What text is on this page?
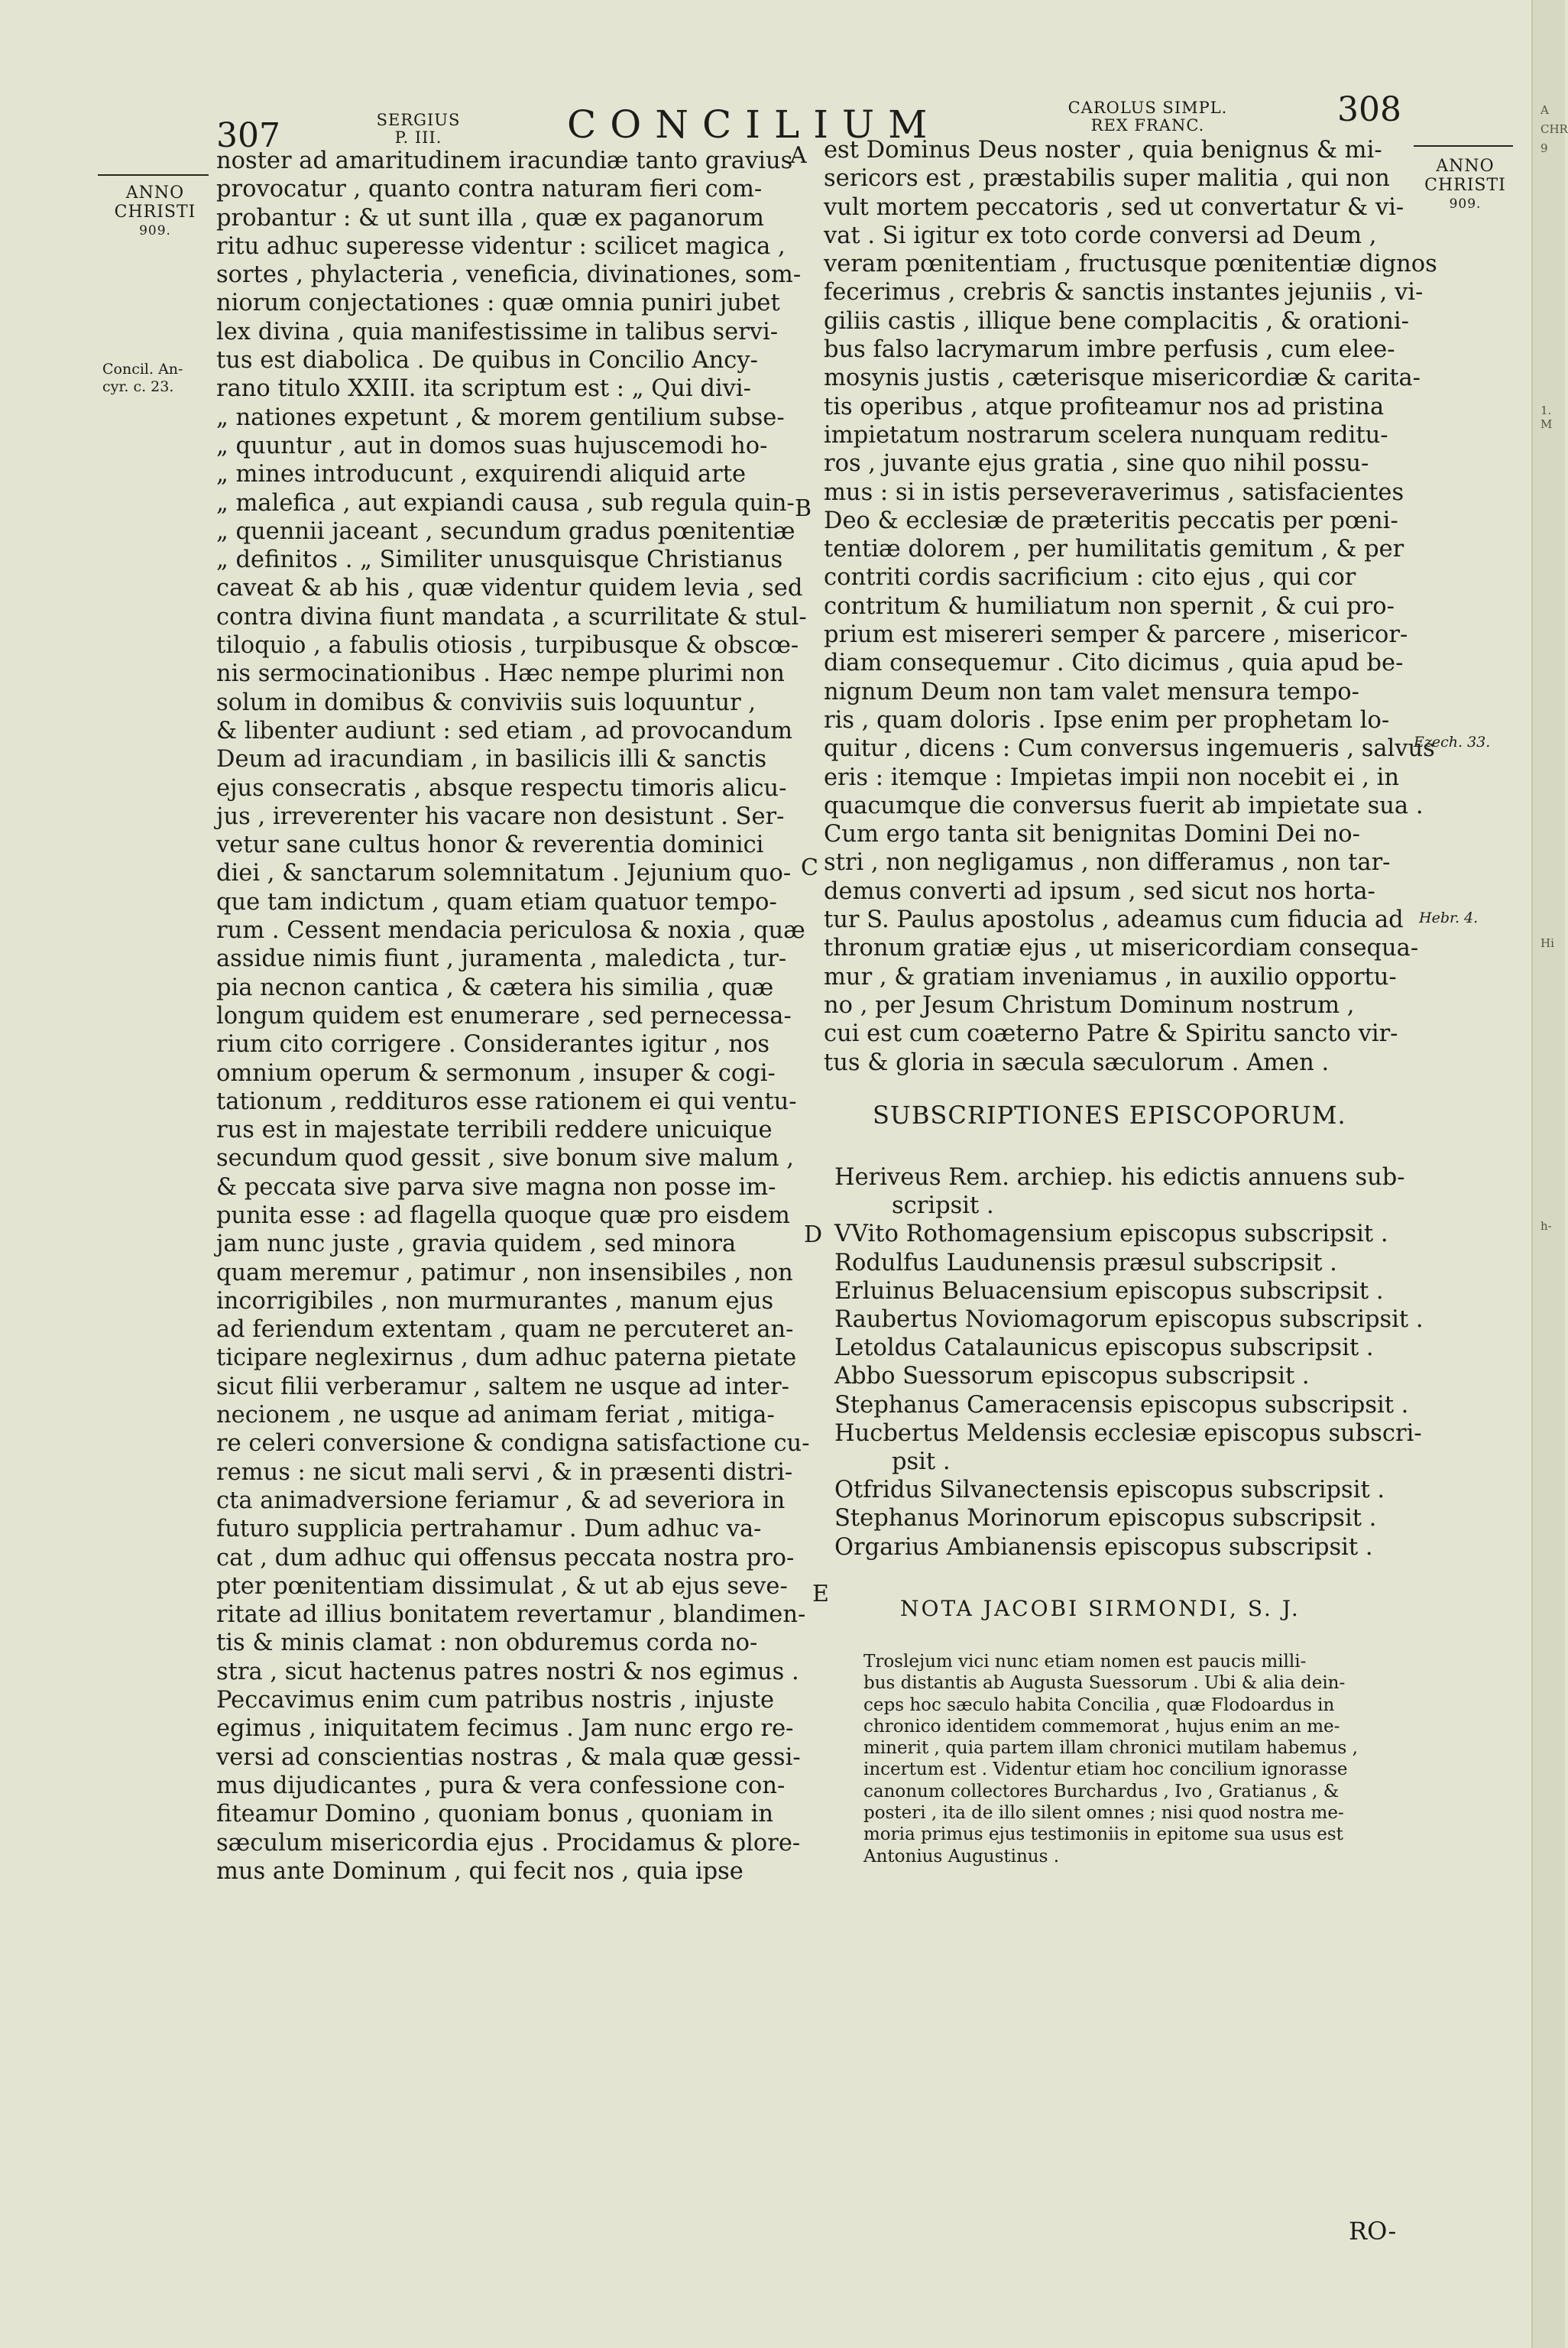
A
CHR
9
1. M
Hi
h-
307	SERGIUS
P. III.	CONCILIUM	CAROLUS SIMPL.
REX FRANC.	308
ANNO
CHRISTI
909.
Concil. An-
cyr. c. 23.
ANNO
CHRISTI
909.
Ezech. 33.
Hebr. 4.
A
B
C
D
E
noster ad amaritudinem iracundiæ tanto gravius
provocatur , quanto contra naturam fieri com-
probantur : & ut sunt illa , quæ ex paganorum
ritu adhuc superesse videntur : scilicet magica ,
sortes , phylacteria , veneficia, divinationes, som-
niorum conjectationes : quæ omnia puniri jubet
lex divina , quia manifestissime in talibus servi-
tus est diabolica . De quibus in Concilio Ancy-
rano titulo XXIII. ita scriptum est : „ Qui divi-
„ nationes expetunt , & morem gentilium subse-
„ quuntur , aut in domos suas hujuscemodi ho-
„ mines introducunt , exquirendi aliquid arte
„ malefica , aut expiandi causa , sub regula quin-
„ quennii jaceant , secundum gradus pœnitentiæ
„ definitos . „ Similiter unusquisque Christianus
caveat & ab his , quæ videntur quidem levia , sed
contra divina fiunt mandata , a scurrilitate & stul-
tiloquio , a fabulis otiosis , turpibusque & obscœ-
nis sermocinationibus . Hæc nempe plurimi non
solum in domibus & conviviis suis loquuntur ,
& libenter audiunt : sed etiam , ad provocandum
Deum ad iracundiam , in basilicis illi & sanctis
ejus consecratis , absque respectu timoris alicu-
jus , irreverenter his vacare non desistunt . Ser-
vetur sane cultus honor & reverentia dominici
diei , & sanctarum solemnitatum . Jejunium quo-
que tam indictum , quam etiam quatuor tempo-
rum . Cessent mendacia periculosa & noxia , quæ
assidue nimis fiunt , juramenta , maledicta , tur-
pia necnon cantica , & cætera his similia , quæ
longum quidem est enumerare , sed pernecessa-
rium cito corrigere . Considerantes igitur , nos
omnium operum & sermonum , insuper & cogi-
tationum , reddituros esse rationem ei qui ventu-
rus est in majestate terribili reddere unicuique
secundum quod gessit , sive bonum sive malum ,
& peccata sive parva sive magna non posse im-
punita esse : ad flagella quoque quæ pro eisdem
jam nunc juste , gravia quidem , sed minora
quam meremur , patimur , non insensibiles , non
incorrigibiles , non murmurantes , manum ejus
ad feriendum extentam , quam ne percuteret an-
ticipare neglexirnus , dum adhuc paterna pietate
sicut filii verberamur , saltem ne usque ad inter-
necionem , ne usque ad animam feriat , mitiga-
re celeri conversione & condigna satisfactione cu-
remus : ne sicut mali servi , & in præsenti distri-
cta animadversione feriamur , & ad severiora in
futuro supplicia pertrahamur . Dum adhuc va-
cat , dum adhuc qui offensus peccata nostra pro-
pter pœnitentiam dissimulat , & ut ab ejus seve-
ritate ad illius bonitatem revertamur , blandimen-
tis & minis clamat : non obduremus corda no-
stra , sicut hactenus patres nostri & nos egimus .
Peccavimus enim cum patribus nostris , injuste
egimus , iniquitatem fecimus . Jam nunc ergo re-
versi ad conscientias nostras , & mala quæ gessi-
mus dijudicantes , pura & vera confessione con-
fiteamur Domino , quoniam bonus , quoniam in
sæculum misericordia ejus . Procidamus & plore-
mus ante Dominum , qui fecit nos , quia ipse
est Dominus Deus noster , quia benignus & mi-
sericors est , præstabilis super malitia , qui non
vult mortem peccatoris , sed ut convertatur & vi-
vat . Si igitur ex toto corde conversi ad Deum ,
veram pœnitentiam , fructusque pœnitentiæ dignos
fecerimus , crebris & sanctis instantes jejuniis , vi-
giliis castis , illique bene complacitis , & orationi-
bus falso lacrymarum imbre perfusis , cum elee-
mosynis justis , cæterisque misericordiæ & carita-
tis operibus , atque profiteamur nos ad pristina
impietatum nostrarum scelera nunquam reditu-
ros , juvante ejus gratia , sine quo nihil possu-
mus : si in istis perseveraverimus , satisfacientes
Deo & ecclesiæ de præteritis peccatis per pœni-
tentiæ dolorem , per humilitatis gemitum , & per
contriti cordis sacrificium : cito ejus , qui cor
contritum & humiliatum non spernit , & cui pro-
prium est misereri semper & parcere , misericor-
diam consequemur . Cito dicimus , quia apud be-
nignum Deum non tam valet mensura tempo-
ris , quam doloris . Ipse enim per prophetam lo-
quitur , dicens : Cum conversus ingemueris , salvus
eris : itemque : Impietas impii non nocebit ei , in
quacumque die conversus fuerit ab impietate sua .
Cum ergo tanta sit benignitas Domini Dei no-
stri , non negligamus , non differamus , non tar-
demus converti ad ipsum , sed sicut nos horta-
tur S. Paulus apostolus , adeamus cum fiducia ad
thronum gratiæ ejus , ut misericordiam consequa-
mur , & gratiam inveniamus , in auxilio opportu-
no , per Jesum Christum Dominum nostrum ,
cui est cum coæterno Patre & Spiritu sancto vir-
tus & gloria in sæcula sæculorum . Amen .
SUBSCRIPTIONES EPISCOPORUM.
Heriveus Rem. archiep. his edictis annuens sub-
scripsit .
VVito Rothomagensium episcopus subscripsit .
Rodulfus Laudunensis præsul subscripsit .
Erluinus Beluacensium episcopus subscripsit .
Raubertus Noviomagorum episcopus subscripsit .
Letoldus Catalaunicus episcopus subscripsit .
Abbo Suessorum episcopus subscripsit .
Stephanus Cameracensis episcopus subscripsit .
Hucbertus Meldensis ecclesiæ episcopus subscri-
psit .
Otfridus Silvanectensis episcopus subscripsit .
Stephanus Morinorum episcopus subscripsit .
Orgarius Ambianensis episcopus subscripsit .
NOTA JACOBI SIRMONDI, S. J.
Troslejum vici nunc etiam nomen est paucis milli-
bus distantis ab Augusta Suessorum . Ubi & alia dein-
ceps hoc sæculo habita Concilia , quæ Flodoardus in
chronico identidem commemorat , hujus enim an me-
minerit , quia partem illam chronici mutilam habemus ,
incertum est . Videntur etiam hoc concilium ignorasse
canonum collectores Burchardus , Ivo , Gratianus , &
posteri , ita de illo silent omnes ; nisi quod nostra me-
moria primus ejus testimoniis in epitome sua usus est
Antonius Augustinus .
RO-
